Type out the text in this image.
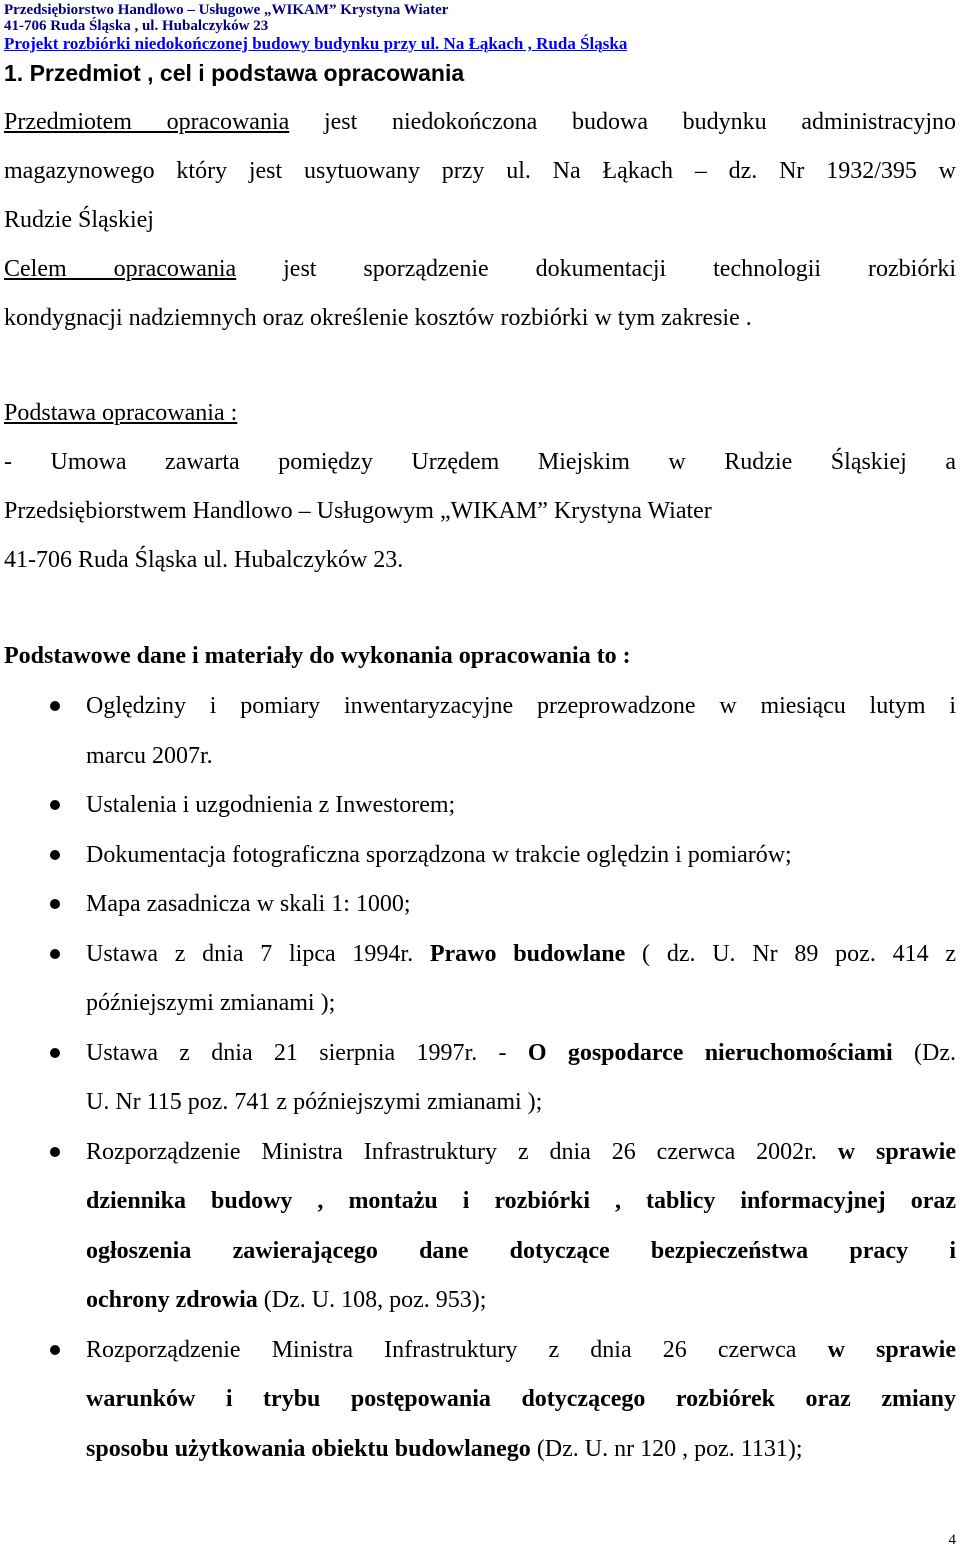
Przedsiębiorstwo Handlowo – Usługowe „WIKAM” Krystyna Wiater
41-706 Ruda Śląska , ul. Hubalczyków 23
Projekt rozbiórki niedokończonej budowy budynku przy ul. Na Łąkach , Ruda Śląska
1. Przedmiot , cel i podstawa opracowania
Przedmiotem opracowania jest niedokończona budowa budynku administracyjno
magazynowego który jest usytuowany przy ul. Na Łąkach – dz. Nr 1932/395 w
Rudzie Śląskiej
Celem opracowania jest sporządzenie dokumentacji technologii rozbiórki
kondygnacji nadziemnych oraz określenie kosztów rozbiórki w tym zakresie .
Podstawa opracowania :
- Umowa zawarta pomiędzy Urzędem Miejskim w Rudzie Śląskiej a
Przedsiębiorstwem Handlowo – Usługowym „WIKAM” Krystyna Wiater
41-706 Ruda Śląska ul. Hubalczyków 23.
Podstawowe dane i materiały do wykonania opracowania to :
Oględziny i pomiary inwentaryzacyjne przeprowadzone w miesiącu lutym i
marcu 2007r.
Ustalenia i uzgodnienia z Inwestorem;
Dokumentacja fotograficzna sporządzona w trakcie oględzin i pomiarów;
Mapa zasadnicza w skali 1: 1000;
Ustawa z dnia 7 lipca 1994r. Prawo budowlane ( dz. U. Nr 89 poz. 414 z
późniejszymi zmianami );
Ustawa z dnia 21 sierpnia 1997r. - O gospodarce nieruchomościami (Dz.
U. Nr 115 poz. 741 z późniejszymi zmianami );
Rozporządzenie Ministra Infrastruktury z dnia 26 czerwca 2002r. w sprawie
dziennika budowy , montażu i rozbiórki , tablicy informacyjnej oraz
ogłoszenia zawierającego dane dotyczące bezpieczeństwa pracy i
ochrony zdrowia (Dz. U. 108, poz. 953);
Rozporządzenie Ministra Infrastruktury z dnia 26 czerwca w sprawie
warunków i trybu postępowania dotyczącego rozbiórek oraz zmiany
sposobu użytkowania obiektu budowlanego (Dz. U. nr 120 , poz. 1131);
4
